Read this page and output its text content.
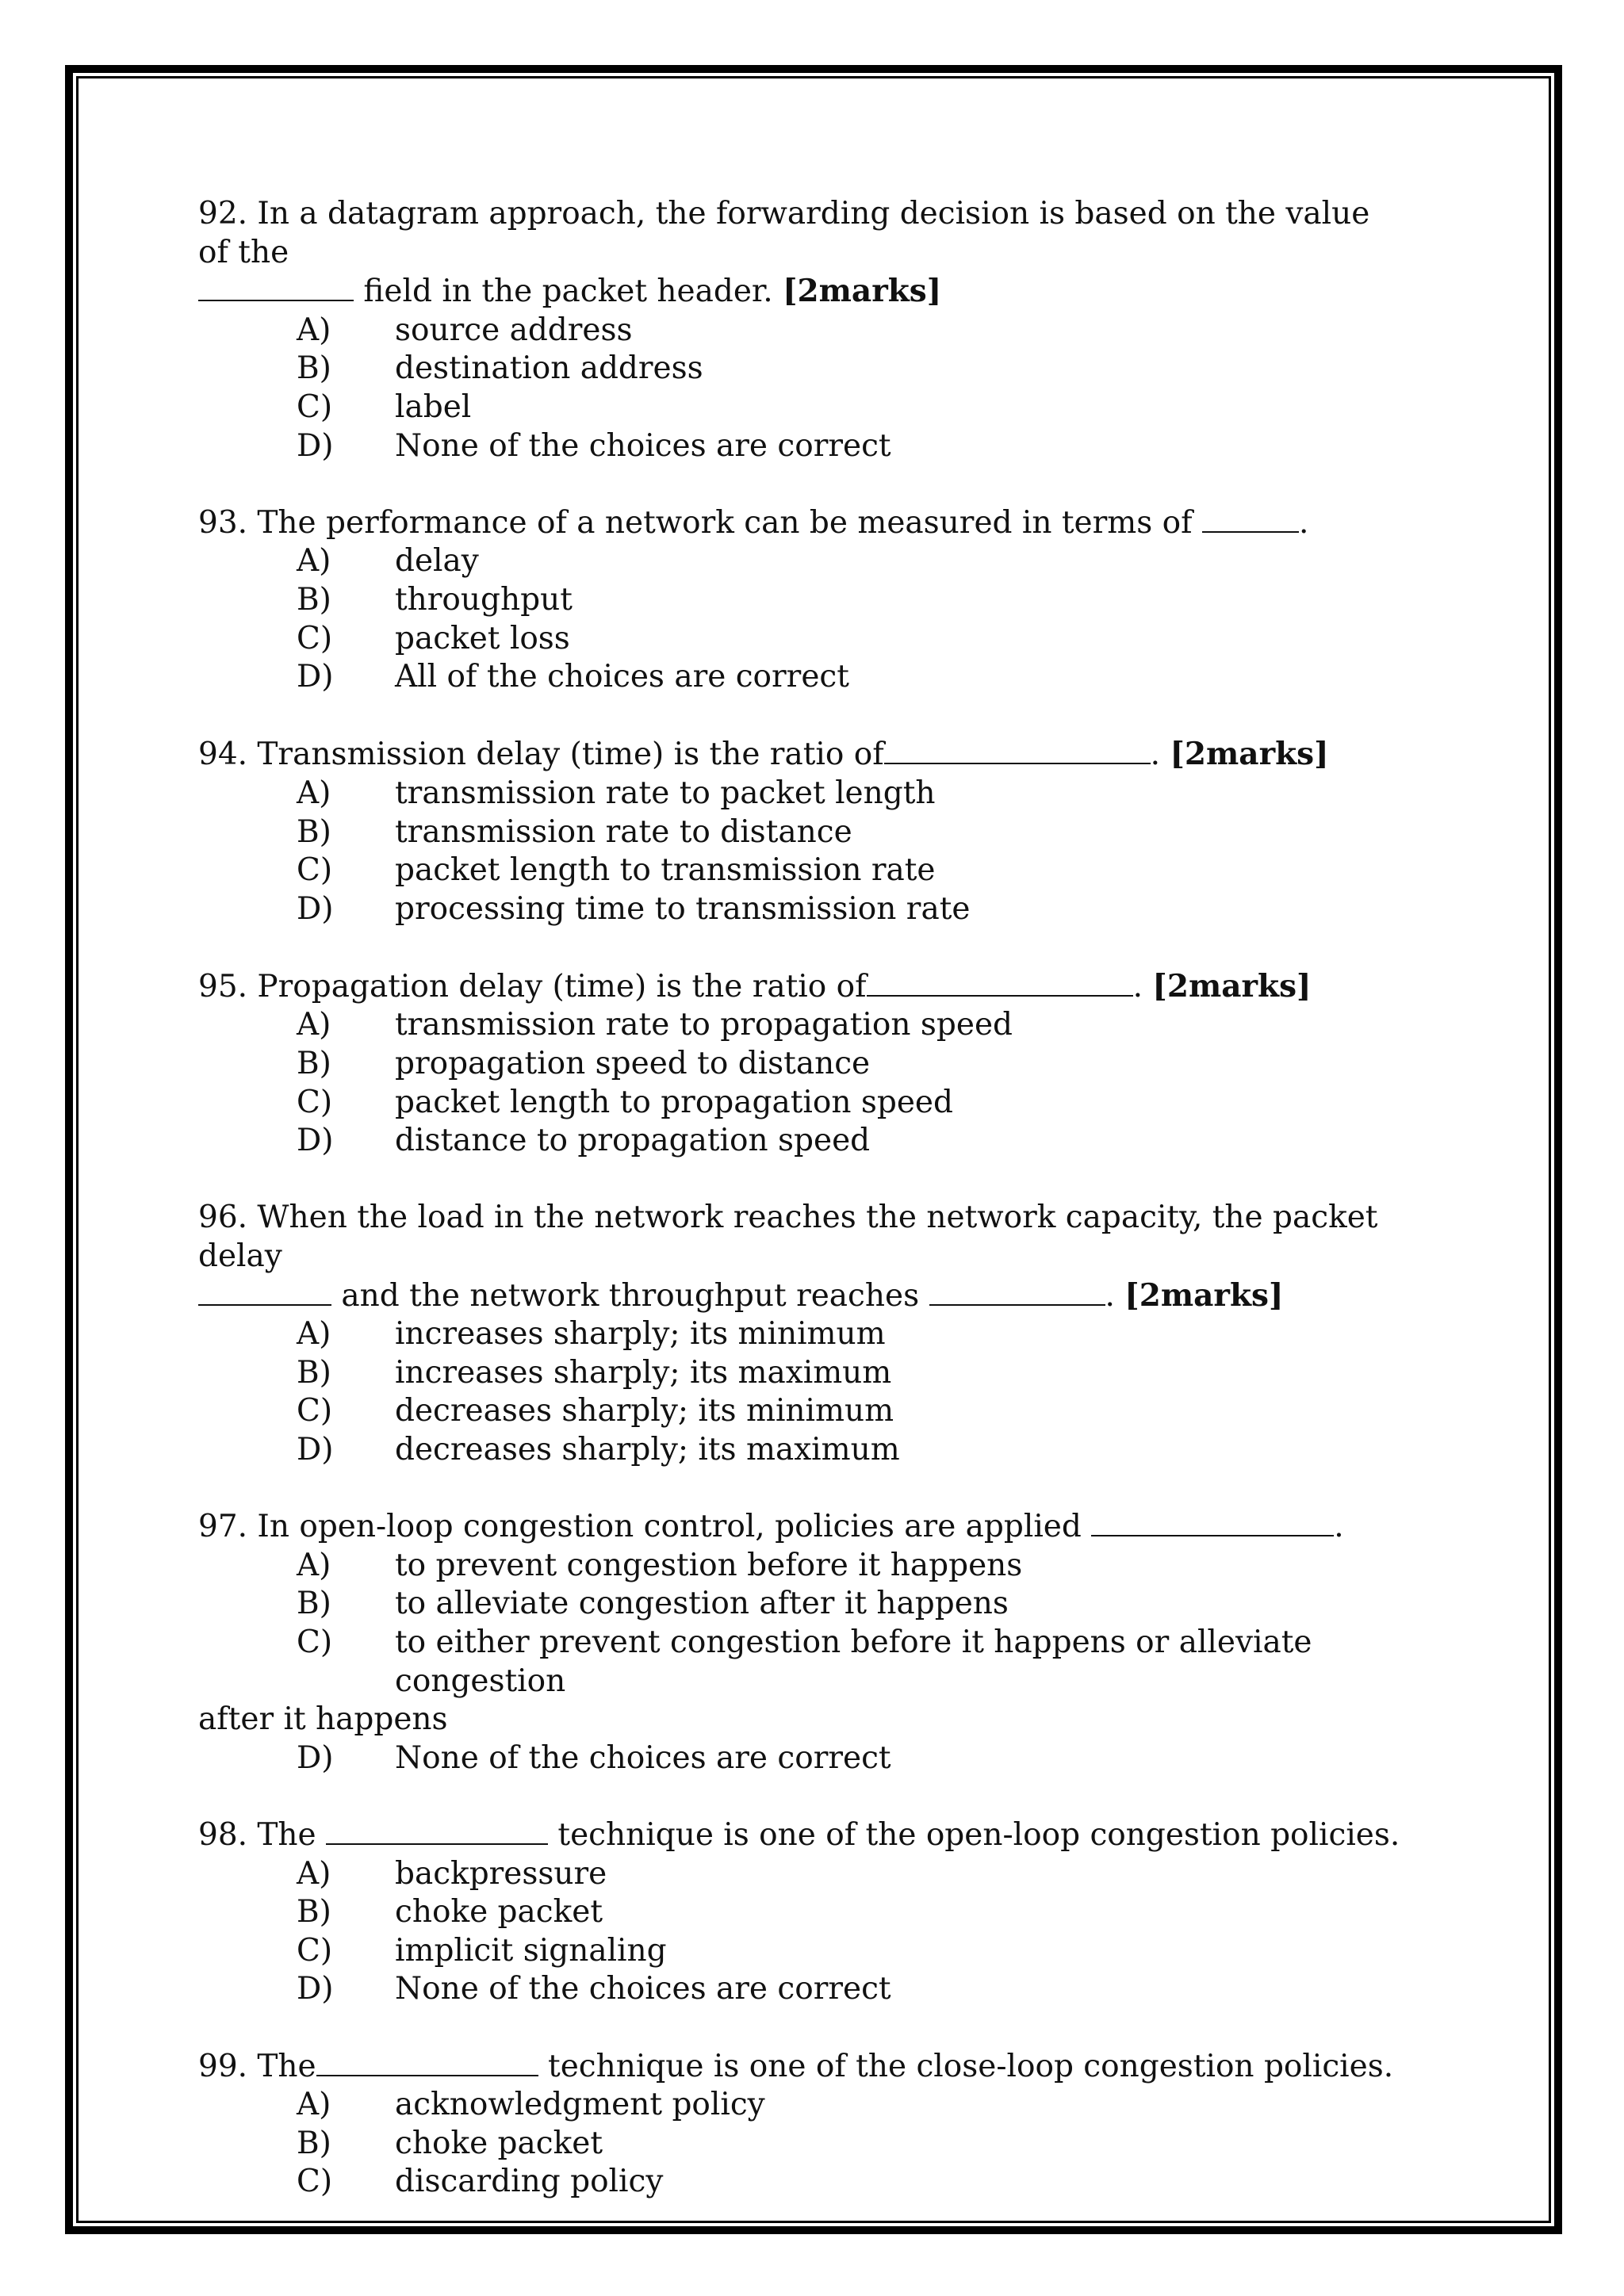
92. In a datagram approach, the forwarding decision is based on the value of the
field in the packet header. [2marks]
A)	source address
B)	destination address
C)	label
D)	None of the choices are correct
93. The performance of a network can be measured in terms of	.
A)	delay
B)	throughput
C)	packet loss
D)	All of the choices are correct
94. Transmission delay (time) is the ratio of	. [2marks]
A)	transmission rate to packet length
B)	transmission rate to distance
C)	packet length to transmission rate
D)	processing time to transmission rate
95. Propagation delay (time) is the ratio of	. [2marks]
A)	transmission rate to propagation speed
B)	propagation speed to distance
C)	packet length to propagation speed
D)	distance to propagation speed
96. When the load in the network reaches the network capacity, the packet delay
and the network throughput reaches	. [2marks]
A)	increases sharply; its minimum
B)	increases sharply; its maximum
C)	decreases sharply; its minimum
D)	decreases sharply; its maximum
97. In open-loop congestion control, policies are applied	.
A)	to prevent congestion before it happens
B)	to alleviate congestion after it happens
C)	to either prevent congestion before it happens or alleviate congestion
after it happens
D)	None of the choices are correct
98. The	technique is one of the open-loop congestion policies.
A)	backpressure
B)	choke packet
C)	implicit signaling
D)	None of the choices are correct
99. The	technique is one of the close-loop congestion policies.
A)	acknowledgment policy
B)	choke packet
C)	discarding policy
